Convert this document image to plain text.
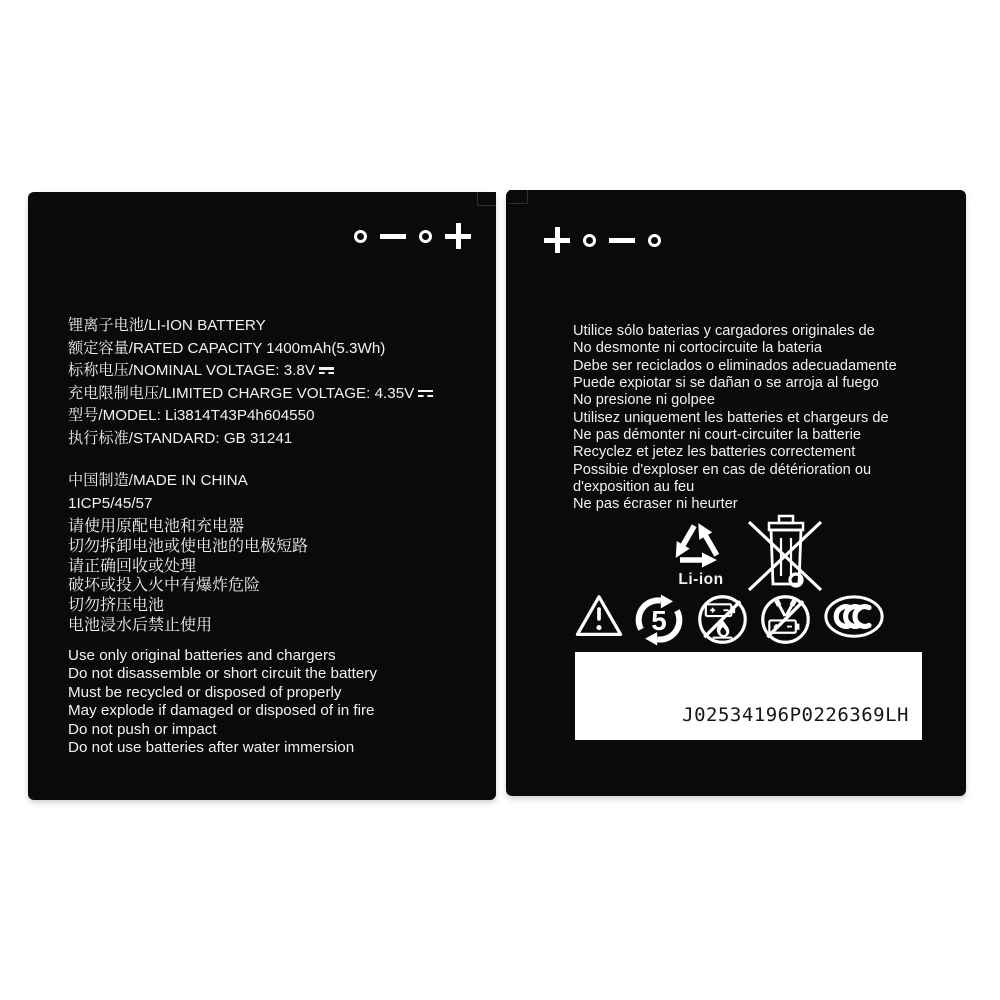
锂离子电池/LI-ION BATTERY
额定容量/RATED CAPACITY 1400mAh(5.3Wh)
标称电压/NOMINAL VOLTAGE: 3.8V
充电限制电压/LIMITED CHARGE VOLTAGE: 4.35V
型号/MODEL: Li3814T43P4h604550
执行标准/STANDARD: GB 31241
中国制造/MADE IN CHINA
1ICP5/45/57
请使用原配电池和充电器
切勿拆卸电池或使电池的电极短路
请正确回收或处理
破坏或投入火中有爆炸危险
切勿挤压电池
电池浸水后禁止使用
Use only original batteries and chargers
Do not disassemble or short circuit the battery
Must be recycled or disposed of properly
May explode if damaged or disposed of in fire
Do not push or impact
Do not use batteries after water immersion
Utilice sólo baterias y cargadores originales de
No desmonte ni cortocircuite la bateria
Debe ser reciclados o eliminados adecuadamente
Puede expiotar si se dañan o se arroja al fuego
No presione ni golpee
Utilisez uniquement les batteries et chargeurs de
Ne pas démonter ni court-circuiter la batterie
Recyclez et jetez les batteries correctement
Possibie d'exploser en cas de détérioration ou
d'exposition au feu
Ne pas écraser ni heurter
Li-ion
5
J02534196P0226369LH
